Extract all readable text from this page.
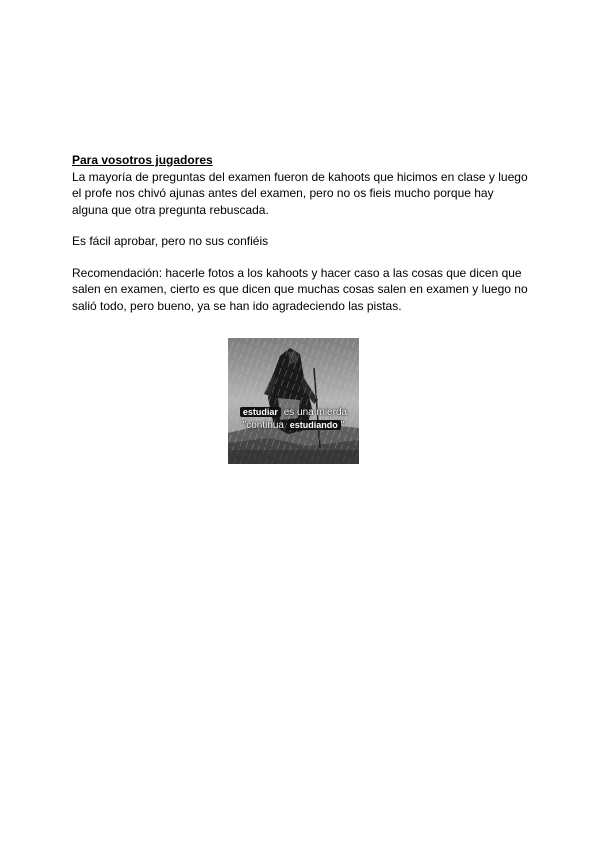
Para vosotros jugadores

La mayoría de preguntas del examen fueron de kahoots que hicimos en clase y luego el profe nos chivó ajunas antes del examen, pero no os fieis mucho porque hay alguna que otra pregunta rebuscada.

Es fácil aprobar, pero no sus confiéis

Recomendación: hacerle fotos a los kahoots y hacer caso a las cosas que dicen que salen en examen, cierto es que dicen que muchas cosas salen en examen y luego no salió todo, pero bueno, ya se han ido agradeciendo las pistas.

estudiar es una mierda
"continua estudiando "
